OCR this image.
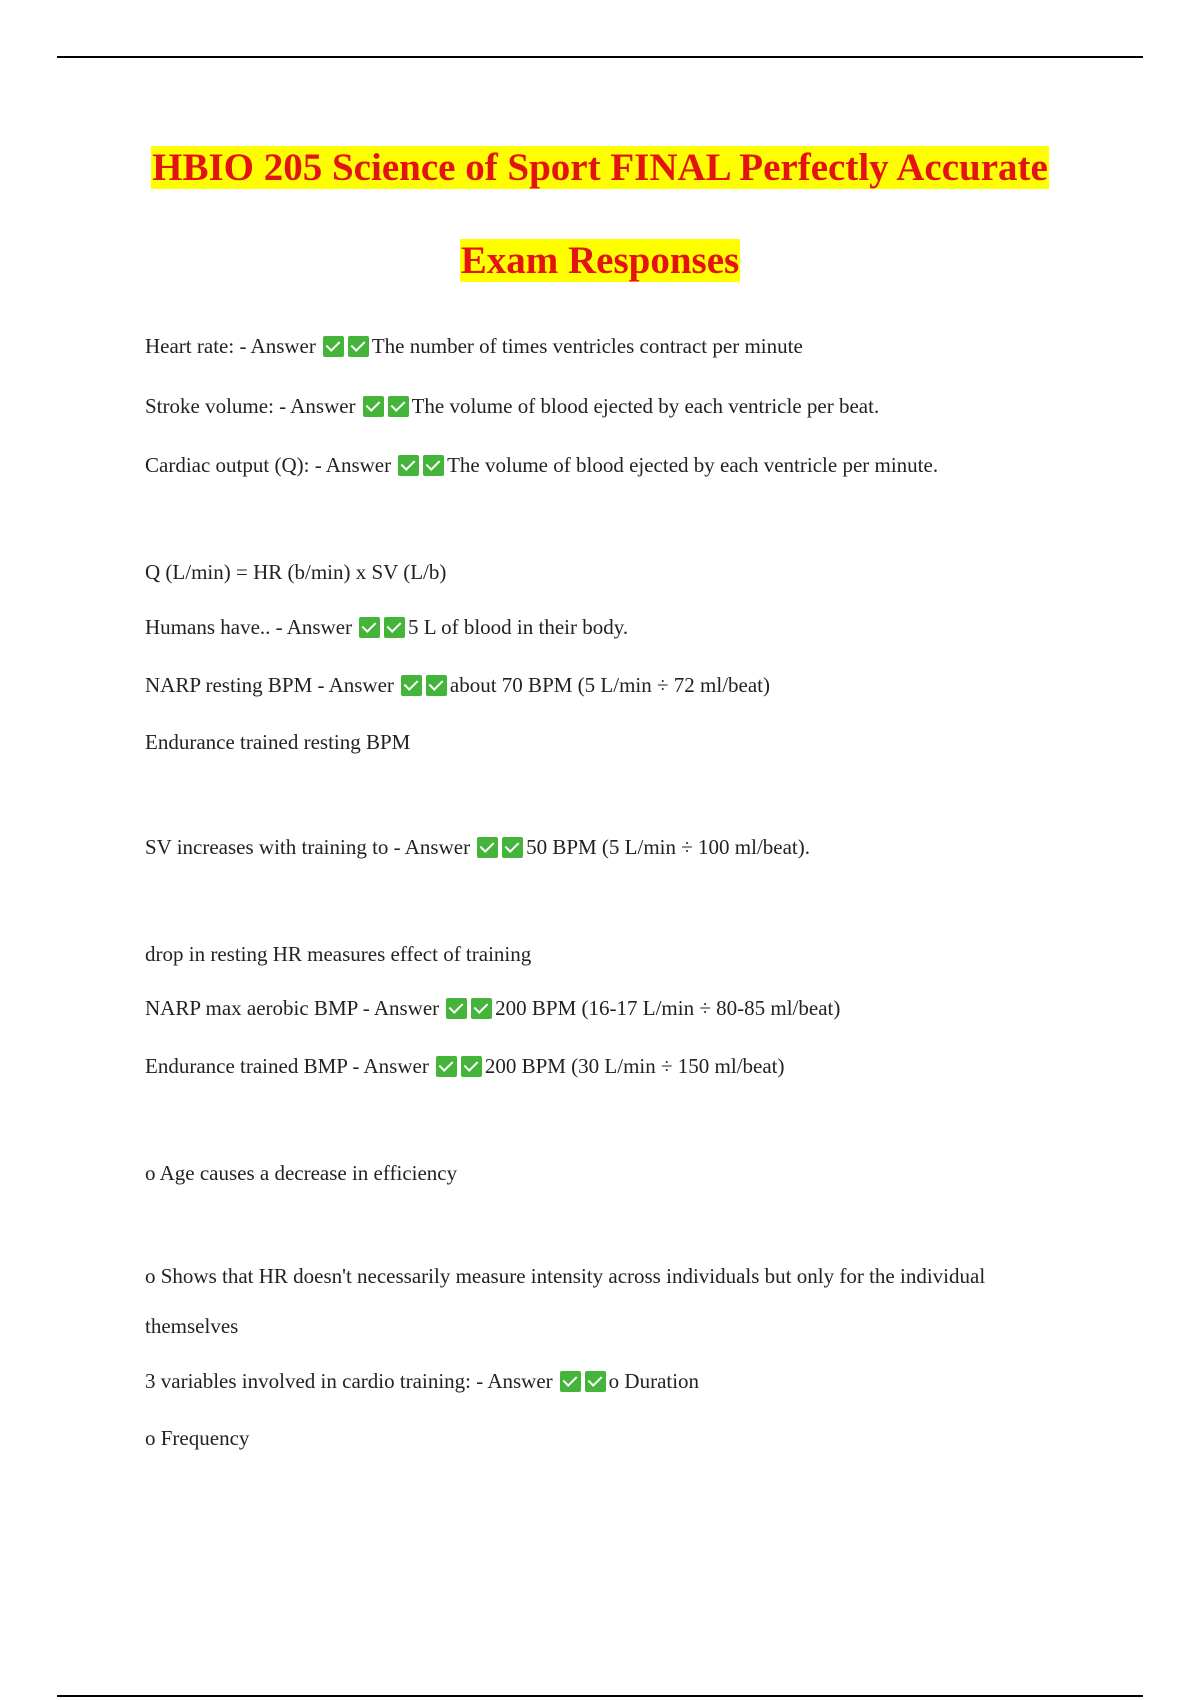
HBIO 205 Science of Sport FINAL Perfectly Accurate
Exam Responses
Heart rate: - Answer	The number of times ventricles contract per minute
Stroke volume: - Answer	The volume of blood ejected by each ventricle per beat.
Cardiac output (Q): - Answer	The volume of blood ejected by each ventricle per minute.
Q (L/min) = HR (b/min) x SV (L/b)
Humans have.. - Answer	5 L of blood in their body.
NARP resting BPM - Answer	about 70 BPM (5 L/min ÷ 72 ml/beat)
Endurance trained resting BPM
SV increases with training to - Answer	50 BPM (5 L/min ÷ 100 ml/beat).
drop in resting HR measures effect of training
NARP max aerobic BMP - Answer	200 BPM (16-17 L/min ÷ 80-85 ml/beat)
Endurance trained BMP - Answer	200 BPM (30 L/min ÷ 150 ml/beat)
o Age causes a decrease in efficiency
o Shows that HR doesn't necessarily measure intensity across individuals but only for the individual
themselves
3 variables involved in cardio training: - Answer	o Duration
o Frequency
